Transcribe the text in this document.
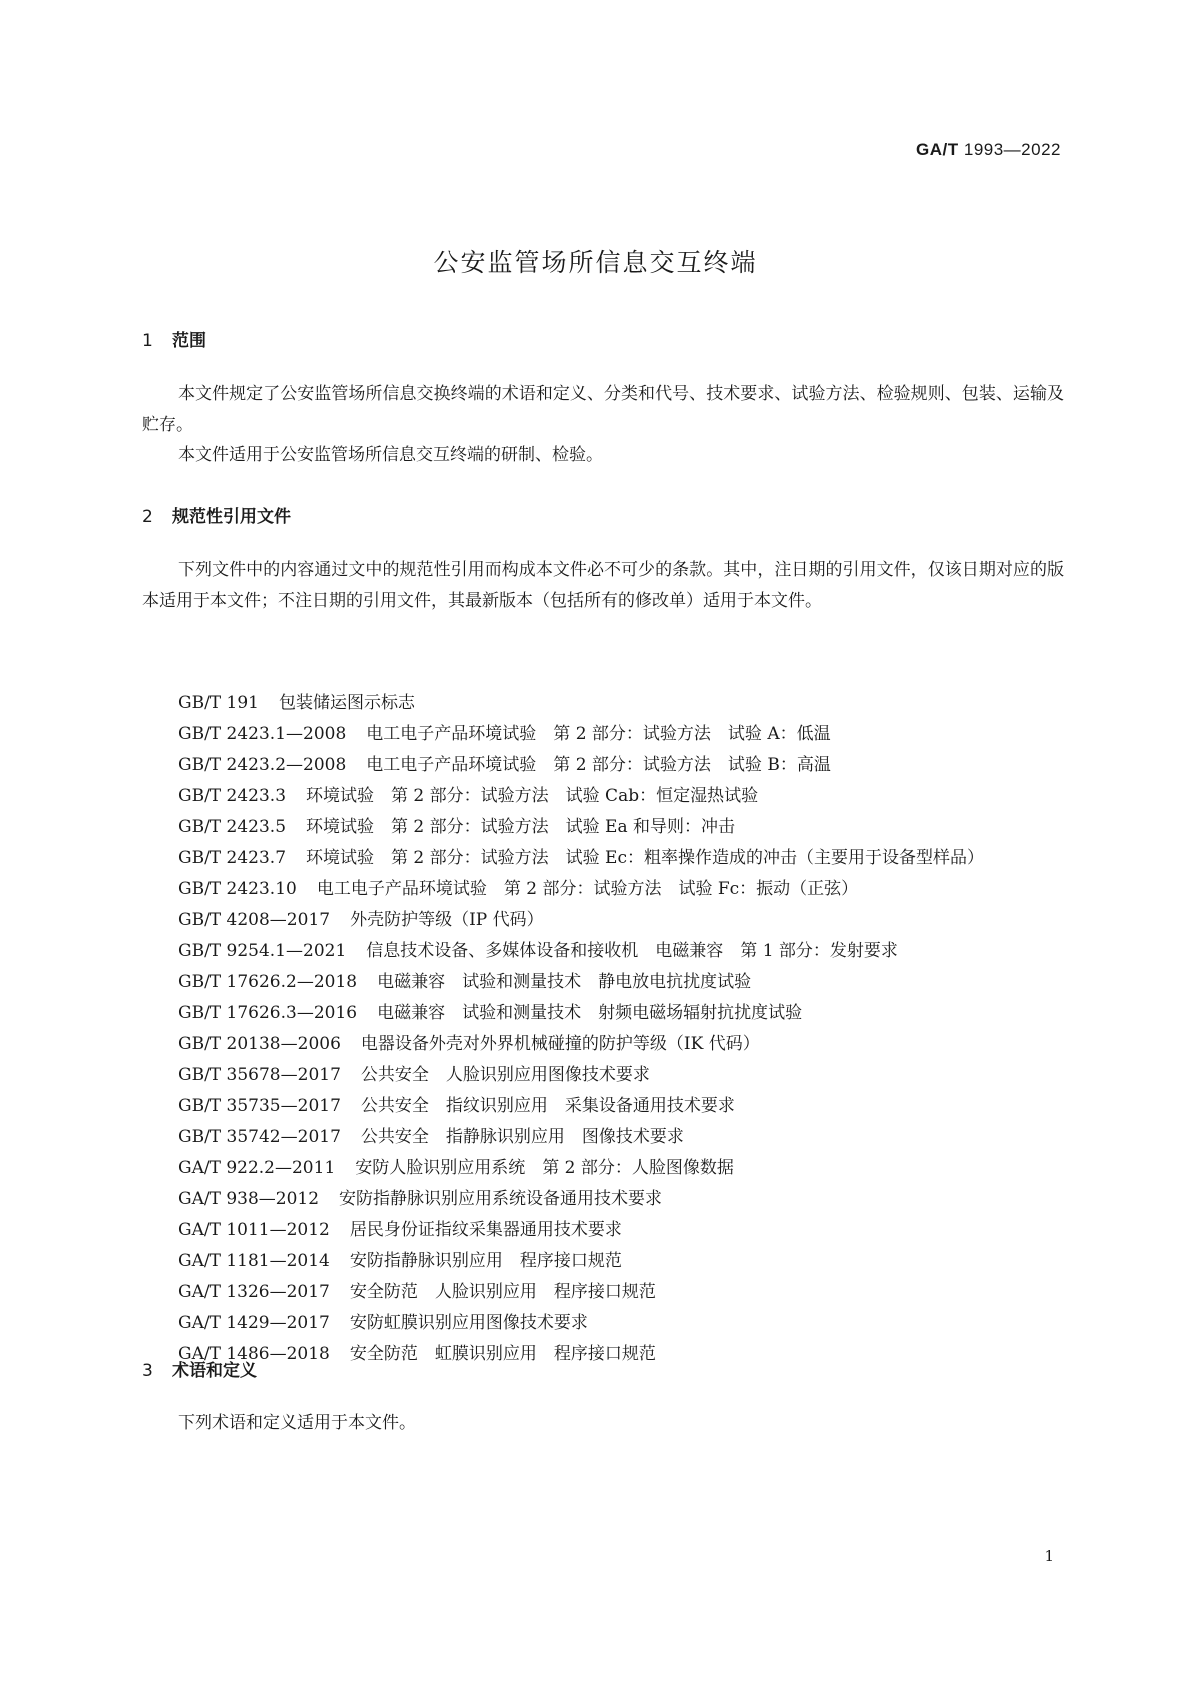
GA/T 1993—2022
公安监管场所信息交互终端
1 范围
本文件规定了公安监管场所信息交换终端的术语和定义、分类和代号、技术要求、试验方法、检验规则、包装、运输及贮存。
本文件适用于公安监管场所信息交互终端的研制、检验。
2 规范性引用文件
下列文件中的内容通过文中的规范性引用而构成本文件必不可少的条款。其中，注日期的引用文件，仅该日期对应的版本适用于本文件；不注日期的引用文件，其最新版本（包括所有的修改单）适用于本文件。
GB/T 191 包装储运图示标志
GB/T 2423.1—2008 电工电子产品环境试验　第 2 部分：试验方法　试验 A：低温
GB/T 2423.2—2008 电工电子产品环境试验　第 2 部分：试验方法　试验 B：高温
GB/T 2423.3 环境试验　第 2 部分：试验方法　试验 Cab：恒定湿热试验
GB/T 2423.5 环境试验　第 2 部分：试验方法　试验 Ea 和导则：冲击
GB/T 2423.7 环境试验　第 2 部分：试验方法　试验 Ec：粗率操作造成的冲击（主要用于设备型样品）
GB/T 2423.10 电工电子产品环境试验　第 2 部分：试验方法　试验 Fc：振动（正弦）
GB/T 4208—2017 外壳防护等级（IP 代码）
GB/T 9254.1—2021 信息技术设备、多媒体设备和接收机　电磁兼容　第 1 部分：发射要求
GB/T 17626.2—2018 电磁兼容　试验和测量技术　静电放电抗扰度试验
GB/T 17626.3—2016 电磁兼容　试验和测量技术　射频电磁场辐射抗扰度试验
GB/T 20138—2006 电器设备外壳对外界机械碰撞的防护等级（IK 代码）
GB/T 35678—2017 公共安全　人脸识别应用图像技术要求
GB/T 35735—2017 公共安全　指纹识别应用　采集设备通用技术要求
GB/T 35742—2017 公共安全　指静脉识别应用　图像技术要求
GA/T 922.2—2011 安防人脸识别应用系统　第 2 部分：人脸图像数据
GA/T 938—2012 安防指静脉识别应用系统设备通用技术要求
GA/T 1011—2012 居民身份证指纹采集器通用技术要求
GA/T 1181—2014 安防指静脉识别应用　程序接口规范
GA/T 1326—2017 安全防范　人脸识别应用　程序接口规范
GA/T 1429—2017 安防虹膜识别应用图像技术要求
GA/T 1486—2018 安全防范　虹膜识别应用　程序接口规范
3 术语和定义
下列术语和定义适用于本文件。
1
